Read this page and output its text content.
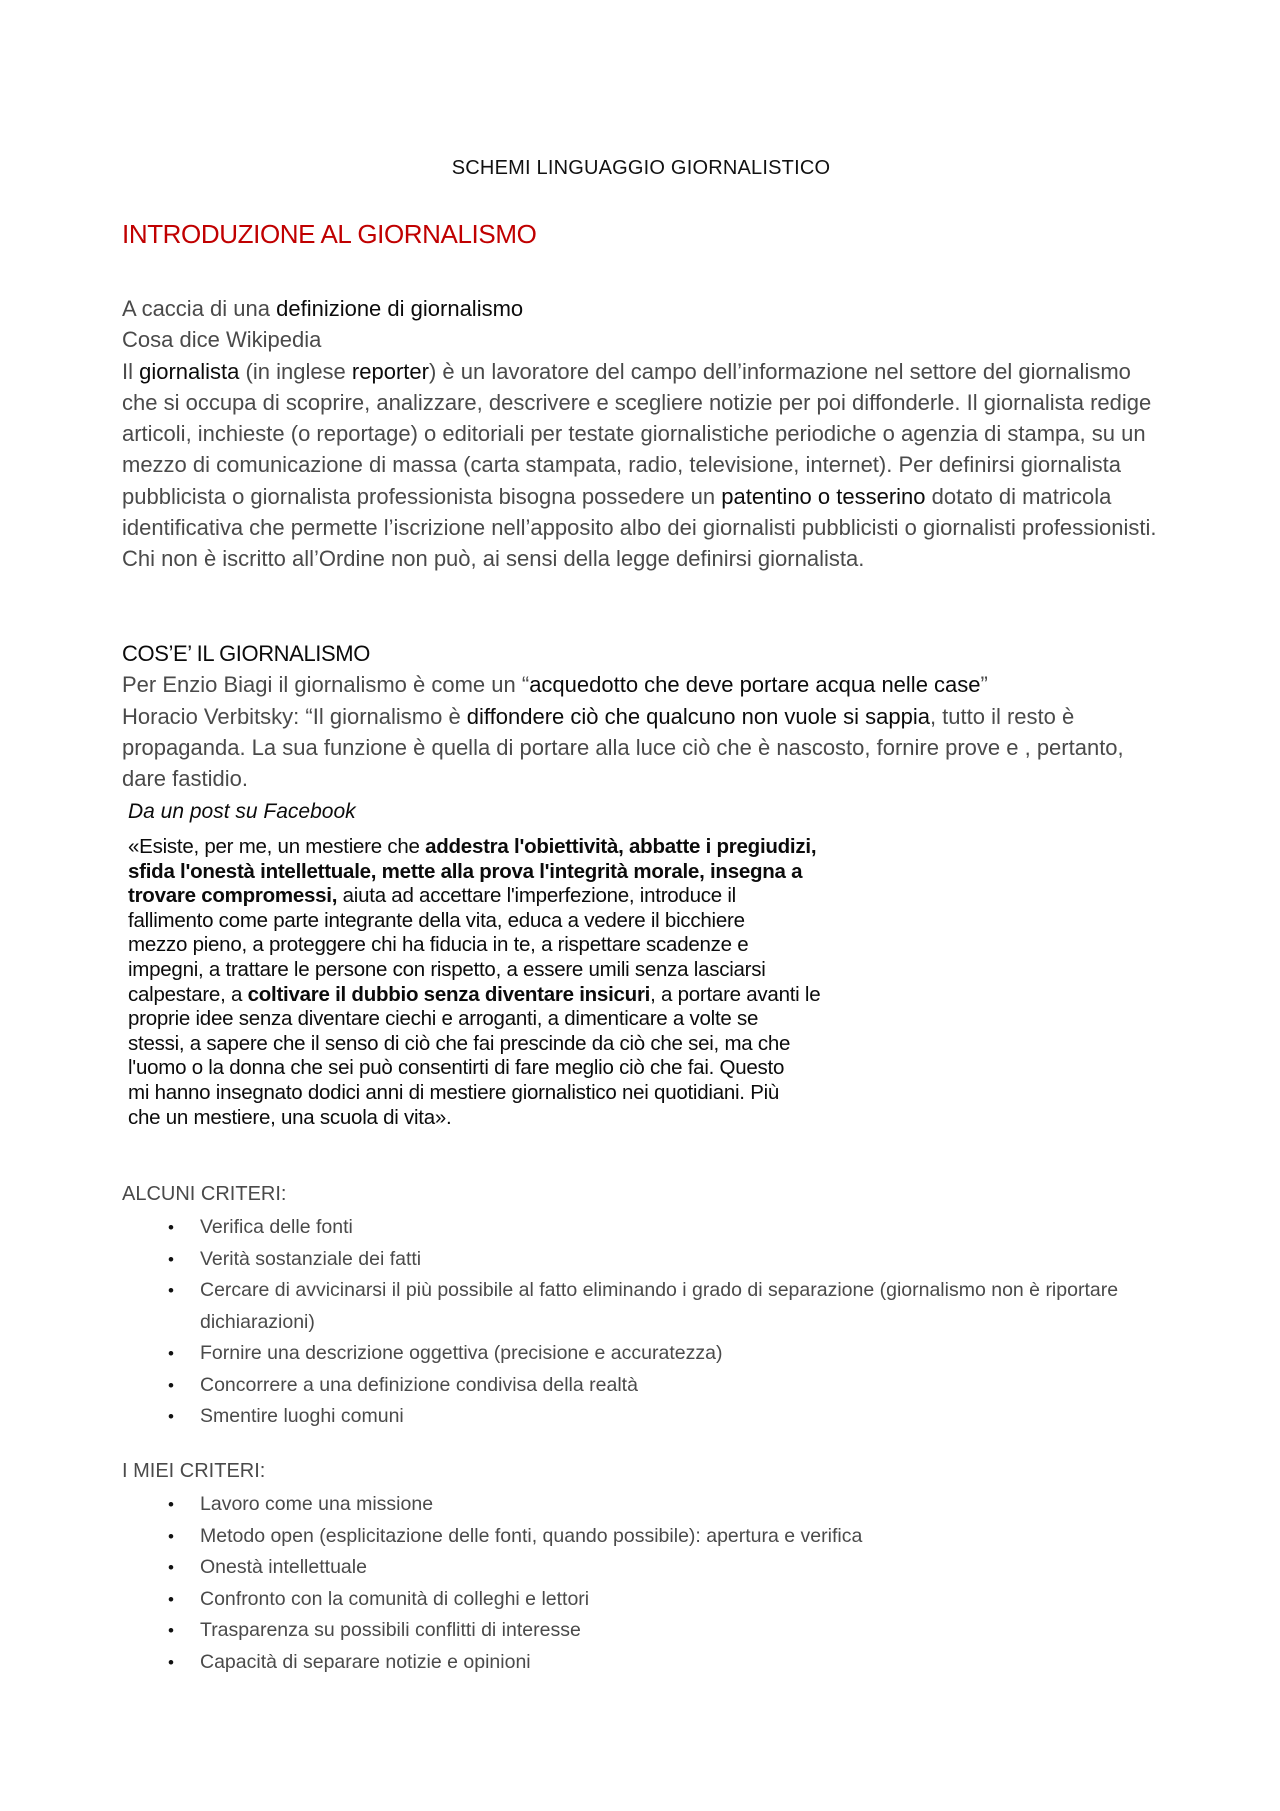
SCHEMI LINGUAGGIO GIORNALISTICO
INTRODUZIONE AL GIORNALISMO
A caccia di una definizione di giornalismo
Cosa dice Wikipedia
Il giornalista (in inglese reporter) è un lavoratore del campo dell’informazione nel settore del giornalismo che si occupa di scoprire, analizzare, descrivere e scegliere notizie per poi diffonderle. Il giornalista redige articoli, inchieste (o reportage) o editoriali per testate giornalistiche periodiche o agenzia di stampa, su un mezzo di comunicazione di massa (carta stampata, radio, televisione, internet). Per definirsi giornalista pubblicista o giornalista professionista bisogna possedere un patentino o tesserino dotato di matricola identificativa che permette l’iscrizione nell’apposito albo dei giornalisti pubblicisti o giornalisti professionisti. Chi non è iscritto all’Ordine non può, ai sensi della legge definirsi giornalista.
COS’E’ IL GIORNALISMO
Per Enzio Biagi il giornalismo è come un “acquedotto che deve portare acqua nelle case”
Horacio Verbitsky: “Il giornalismo è diffondere ciò che qualcuno non vuole si sappia, tutto il resto è propaganda. La sua funzione è quella di portare alla luce ciò che è nascosto, fornire prove e , pertanto, dare fastidio.
Da un post su Facebook
«Esiste, per me, un mestiere che addestra l'obiettività, abbatte i pregiudizi,
sfida l'onestà intellettuale, mette alla prova l'integrità morale, insegna a
trovare compromessi, aiuta ad accettare l'imperfezione, introduce il
fallimento come parte integrante della vita, educa a vedere il bicchiere
mezzo pieno, a proteggere chi ha fiducia in te, a rispettare scadenze e
impegni, a trattare le persone con rispetto, a essere umili senza lasciarsi
calpestare, a coltivare il dubbio senza diventare insicuri, a portare avanti le
proprie idee senza diventare ciechi e arroganti, a dimenticare a volte se
stessi, a sapere che il senso di ciò che fai prescinde da ciò che sei, ma che
l'uomo o la donna che sei può consentirti di fare meglio ciò che fai. Questo
mi hanno insegnato dodici anni di mestiere giornalistico nei quotidiani. Più
che un mestiere, una scuola di vita».
ALCUNI CRITERI:
• Verifica delle fonti
• Verità sostanziale dei fatti
• Cercare di avvicinarsi il più possibile al fatto eliminando i grado di separazione (giornalismo non è riportare dichiarazioni)
• Fornire una descrizione oggettiva (precisione e accuratezza)
• Concorrere a una definizione condivisa della realtà
• Smentire luoghi comuni
I MIEI CRITERI:
• Lavoro come una missione
• Metodo open (esplicitazione delle fonti, quando possibile): apertura e verifica
• Onestà intellettuale
• Confronto con la comunità di colleghi e lettori
• Trasparenza su possibili conflitti di interesse
• Capacità di separare notizie e opinioni
